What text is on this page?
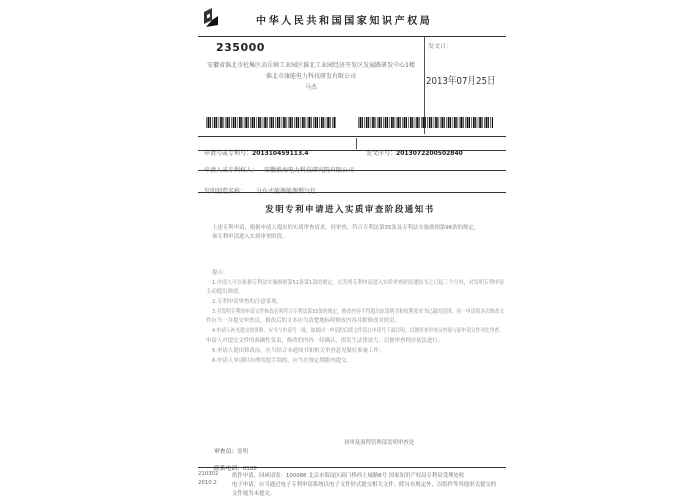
中华人民共和国国家知识产权局
235000
安徽省淮北市杜集区高岳镇工业园区淮北工业园经济开发区发展路研发中心1楼
淮北市康能电力科技研发有限公司
马杰
发文日：
2013年07月25日
申请号或专利号：201310459113.4	发文序号：2013072200502840
申请人或专利权人： 安徽淮海电力科技研究院有限公司
发明创造名称： 分布式能源能源燃气灶
发明专利申请进入实质审查阶段通知书
上述专利申请，根据申请人提出的实质审查请求，经审查，符合专利法第35条及专利法实施细则第96条的规定，
该专利申请进入实质审查阶段。
提示：
1.申请人可以依据专利法实施细则第51条第1款的规定，在发明专利申请进入实质审查阶段通知书之日起三个月内，对发明专利申请
主动提出修改。
2.专利申请审查的注意事项。
3.对发明专利的申请文件修改必须符合专利法第33条的规定，修改内容不得超出原说明书和权利要求书记载的范围，同一申请的多次修改文
件应当一并提交审查员，修改后的文本应当清楚地标明修改内容并附修改对照页。
4.申请人补充提交的资料，应当与申请号一致，如属同一申请的后续文件请在申请号下面注明，以便将来审查员查阅与原申请文件对比审查。
申请人对提交文件的准确性负责，修改的内容一经确认，即发生法律效力，以便审查程序依法进行。
5.申请人提出修改前，应当结合本通知书和相关审查意见做好准备工作。
6.申请人申请时办理其他手续的，应当在规定期限内提交。
审查员：张明
初审及流程管理部发明审查处
联系电话：8188
210302
2010.2
纸件申请，回函请寄：100088 北京市海淀区蓟门桥西土城路6号 国家知识产权局专利局受理处收
电子申请，应当通过电子专利申请系统以电子文件形式提交相关文件。除另有规定外，以纸件等其他形式提交的
文件视为未提交。
